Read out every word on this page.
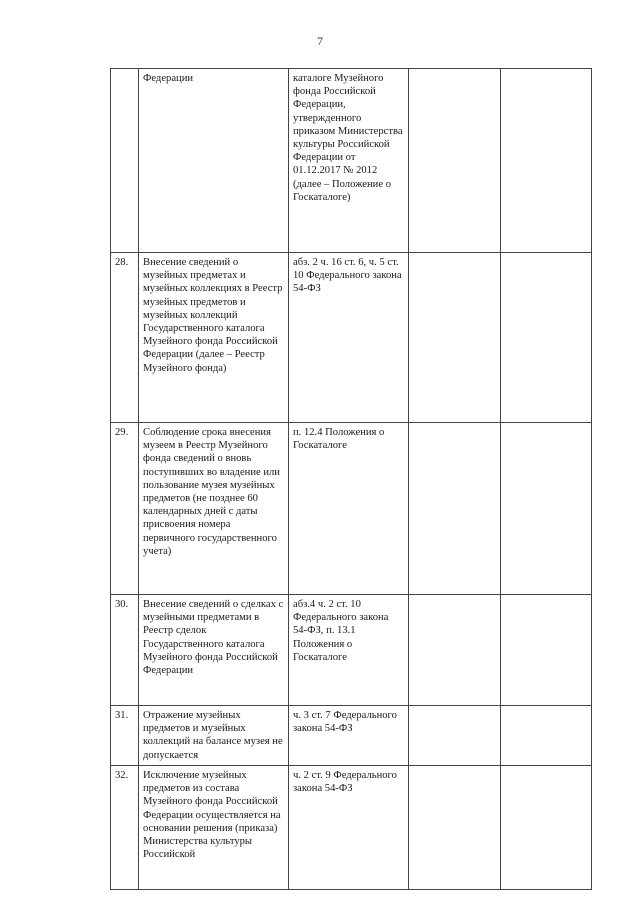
7
	Федерации	каталоге Музейного фонда Российской Федерации, утвержденного приказом Министерства культуры Российской Федерации от 01.12.2017 № 2012 (далее – Положение о Госкаталоге)		
28.	Внесение сведений о музейных предметах и музейных коллекциях в Реестр музейных предметов и музейных коллекций Государственного каталога Музейного фонда Российской Федерации (далее – Реестр Музейного фонда)	абз. 2 ч. 16 ст. 6, ч. 5 ст. 10 Федерального закона 54-ФЗ		
29.	Соблюдение срока внесения музеем в Реестр Музейного фонда сведений о вновь поступивших во владение или пользование музея музейных предметов (не позднее 60 календарных дней с даты присвоения номера первичного государственного учета)	п. 12.4 Положения о Госкаталоге		
30.	Внесение сведений о сделках с музейными предметами в Реестр сделок Государственного каталога Музейного фонда Российской Федерации	абз.4 ч. 2 ст. 10 Федерального закона 54-ФЗ, п. 13.1 Положения о Госкаталоге		
31.	Отражение музейных предметов и музейных коллекций на балансе музея не допускается	ч. 3 ст. 7 Федерального закона 54-ФЗ		
32.	Исключение музейных предметов из состава Музейного фонда Российской Федерации осуществляется на основании решения (приказа) Министерства культуры Российской	ч. 2 ст. 9 Федерального закона 54-ФЗ		
